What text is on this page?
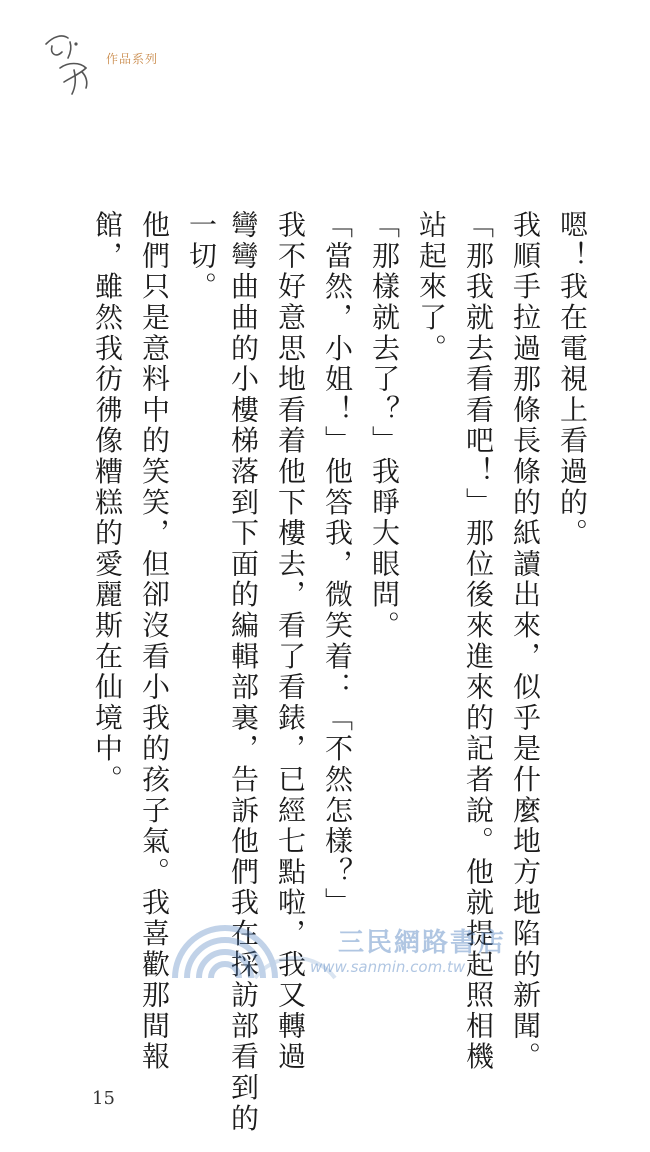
作品系列
嗯！我在電視上看過的。
我順手拉過那條長條的紙讀出來，似乎是什麼地方地陷的新聞。
「那我就去看看吧！」那位後來進來的記者說。他就提起照相機
站起來了。
「那樣就去了？」我睜大眼問。
「當然，小姐！」他答我，微笑着：「不然怎樣？」
我不好意思地看着他下樓去，看了看錶，已經七點啦，我又轉過
彎彎曲曲的小樓梯落到下面的編輯部裏，告訴他們我在採訪部看到的
一切。
他們只是意料中的笑笑，但卻沒看小我的孩子氣。我喜歡那間報
館，雖然我彷彿像糟糕的愛麗斯在仙境中。
三民網路書店
www.sanmin.com.tw
15
